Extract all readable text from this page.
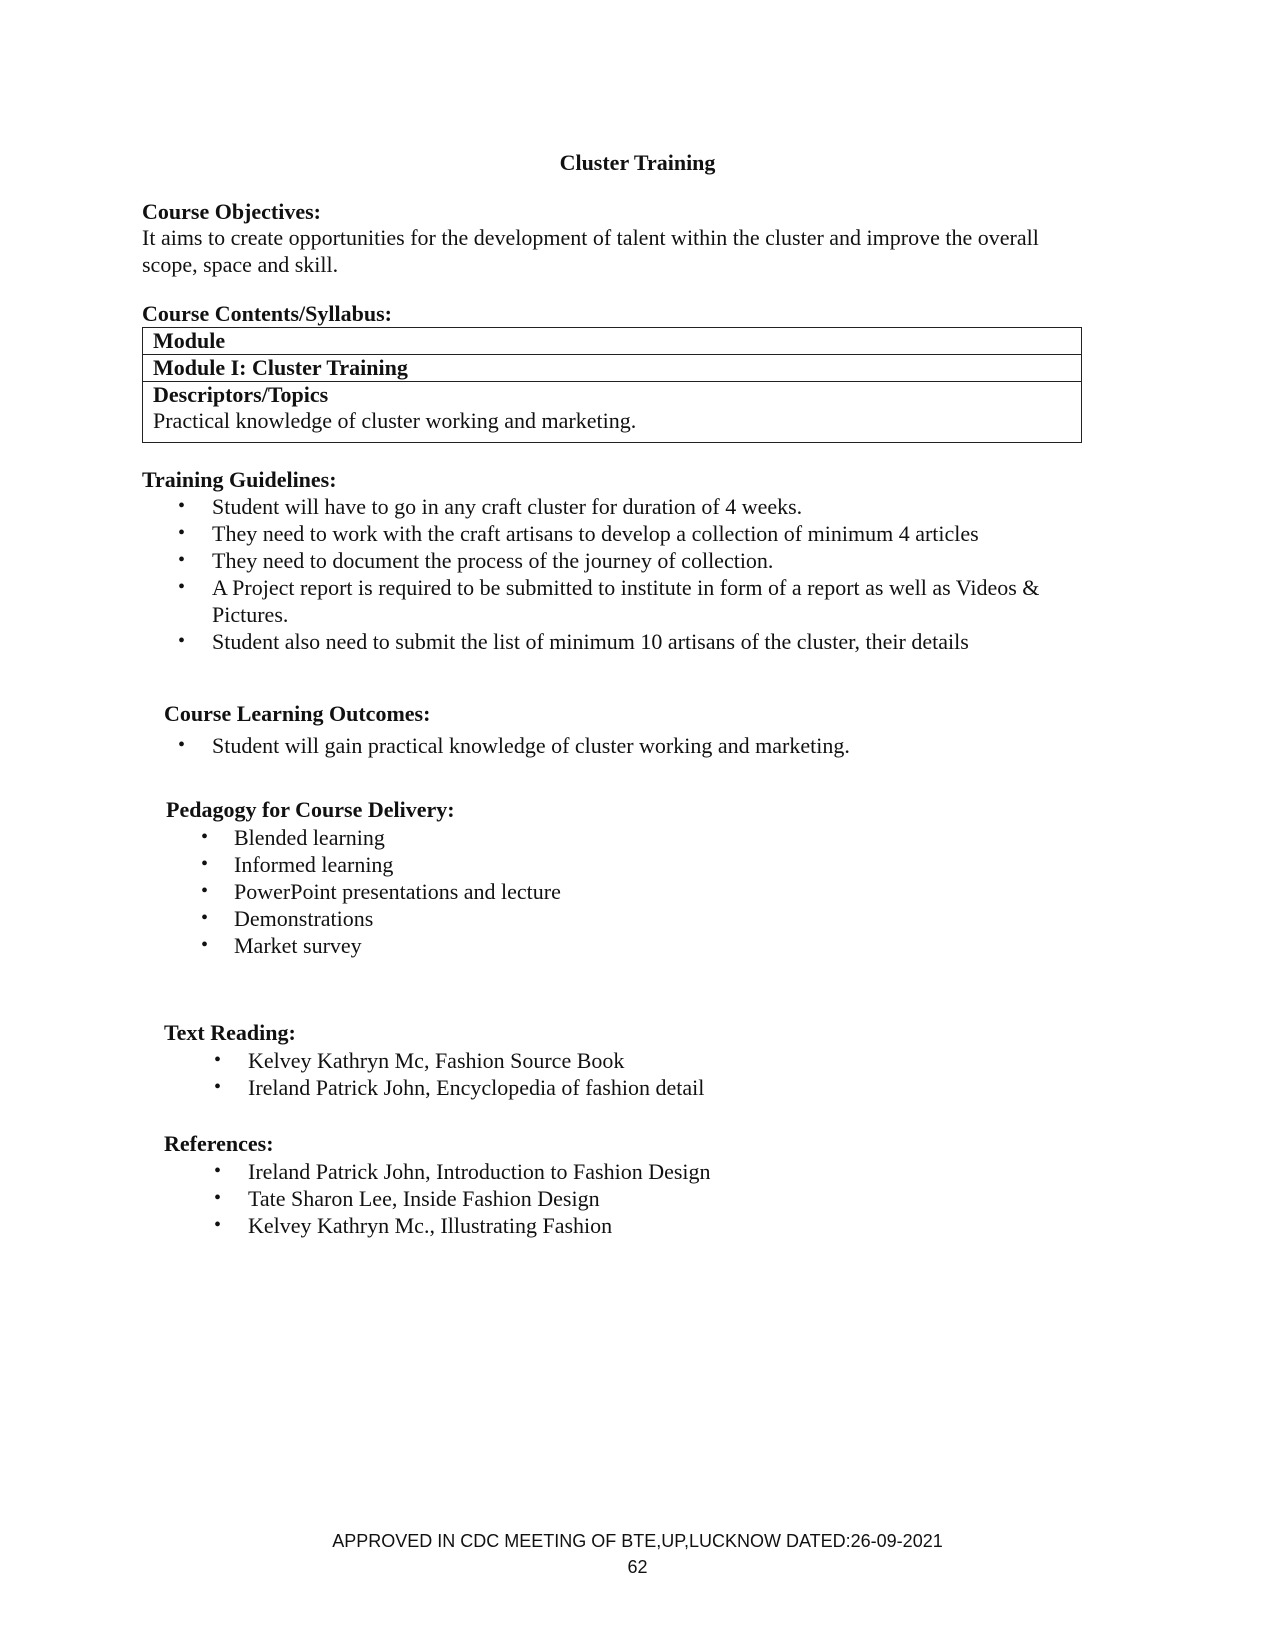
Cluster Training
Course Objectives:
It aims to create opportunities for the development of talent within the cluster and improve the overall scope, space and skill.
Course Contents/Syllabus:
Module
Module I: Cluster Training

Descriptors/Topics
Practical knowledge of cluster working and marketing.
Training Guidelines:
• Student will have to go in any craft cluster for duration of 4 weeks.
• They need to work with the craft artisans to develop a collection of minimum 4 articles
• They need to document the process of the journey of collection.
• A Project report is required to be submitted to institute in form of a report as well as Videos & Pictures.
• Student also need to submit the list of minimum 10 artisans of the cluster, their details
Course Learning Outcomes:
• Student will gain practical knowledge of cluster working and marketing.
Pedagogy for Course Delivery:
• Blended learning
• Informed learning
• PowerPoint presentations and lecture
• Demonstrations
• Market survey
Text Reading:
• Kelvey Kathryn Mc, Fashion Source Book
• Ireland Patrick John, Encyclopedia of fashion detail
References:
• Ireland Patrick John, Introduction to Fashion Design
• Tate Sharon Lee, Inside Fashion Design
• Kelvey Kathryn Mc., Illustrating Fashion
APPROVED IN CDC MEETING OF BTE,UP,LUCKNOW DATED:26-09-2021
62
